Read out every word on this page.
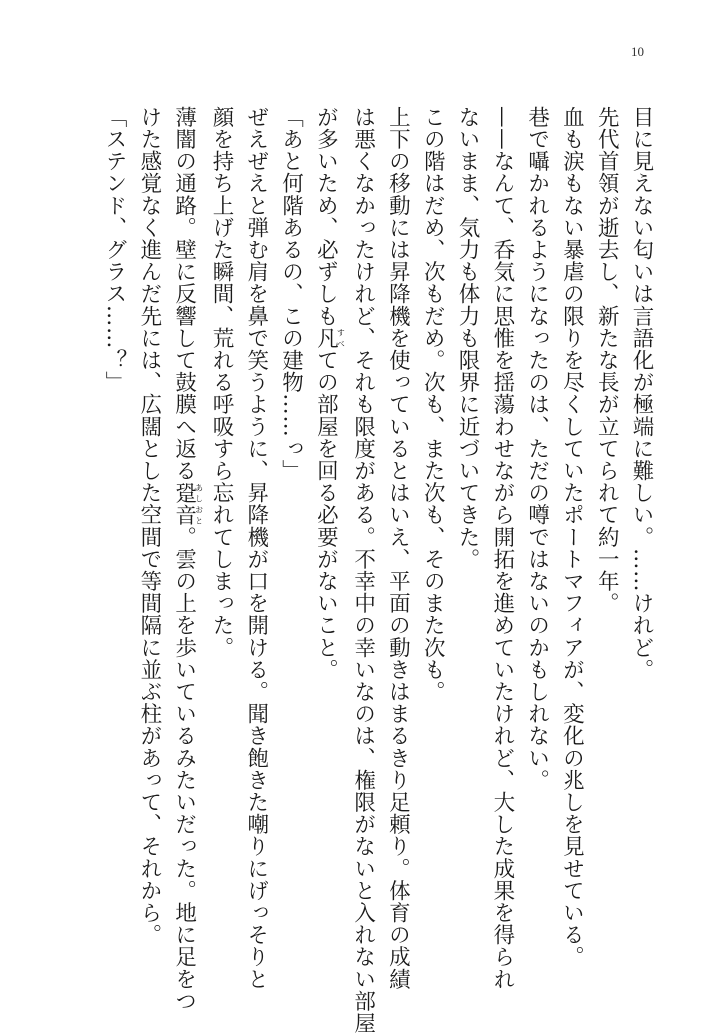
10
目に見えない匂いは言語化が極端に難しい。……けれど。
先代首領が逝去し、新たな長が立てられて約一年。
血も涙もない暴虐の限りを尽くしていたポートマフィアが、変化の兆しを見せている。
巷で囁かれるようになったのは、ただの噂ではないのかもしれない。
——なんて、呑気に思惟を揺蕩わせながら開拓を進めていたけれど、大した成果を得られ
ないまま、気力も体力も限界に近づいてきた。
この階はだめ、次もだめ。次も、また次も、そのまた次も。
上下の移動には昇降機を使っているとはいえ、平面の動きはまるきり足頼り。体育の成績
は悪くなかったけれど、それも限度がある。不幸中の幸いなのは、権限がないと入れない部屋
が多いため、必ずしも凡すべての部屋を回る必要がないこと。
「あと何階あるの、この建物……っ」
ぜえぜえと弾む肩を鼻で笑うように、昇降機が口を開ける。聞き飽きた嘲りにげっそりと
顔を持ち上げた瞬間、荒れる呼吸すら忘れてしまった。
薄闇の通路。壁に反響して鼓膜へ返る跫音あしおと。雲の上を歩いているみたいだった。地に足をつ
けた感覚なく進んだ先には、広闊とした空間で等間隔に並ぶ柱があって、それから。
「ステンド、グラス……？」
